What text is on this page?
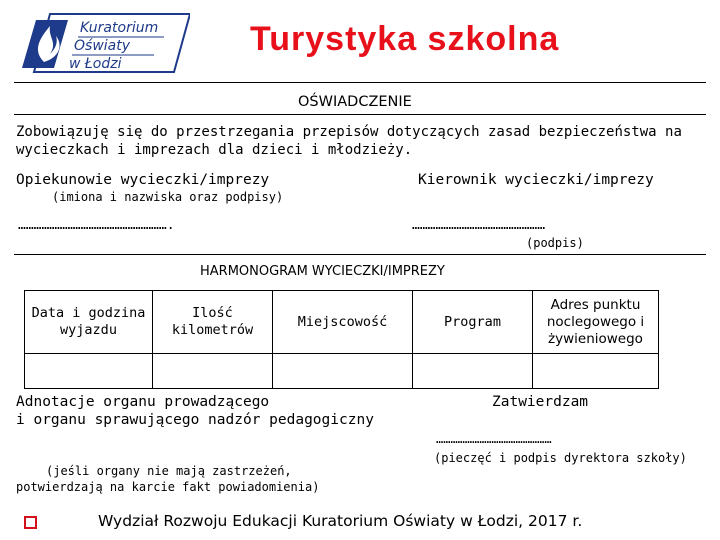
Kuratorium
Oświaty
w Łodzi
Turystyka szkolna
OŚWIADCZENIE
Zobowiązuję się do przestrzegania przepisów dotyczących zasad bezpieczeństwa na wycieczkach i imprezach dla dzieci i młodzieży.
Opiekunowie wycieczki/imprezy
(imiona i nazwiska oraz podpisy)
………………………………………………….
Kierownik wycieczki/imprezy
……………………………………………
(podpis)
HARMONOGRAM WYCIECZKI/IMPREZY
Data i godzina wyjazdu	Ilość kilometrów	Miejscowość	Program	Adres punktu noclegowego i żywieniowego

Adnotacje organu prowadzącego
i organu sprawującego nadzór pedagogiczny
Zatwierdzam
…………………………………………
(pieczęć i podpis dyrektora szkoły)
(jeśli organy nie mają zastrzeżeń,
potwierdzają na karcie fakt powiadomienia)
Wydział Rozwoju Edukacji Kuratorium Oświaty w Łodzi, 2017 r.
